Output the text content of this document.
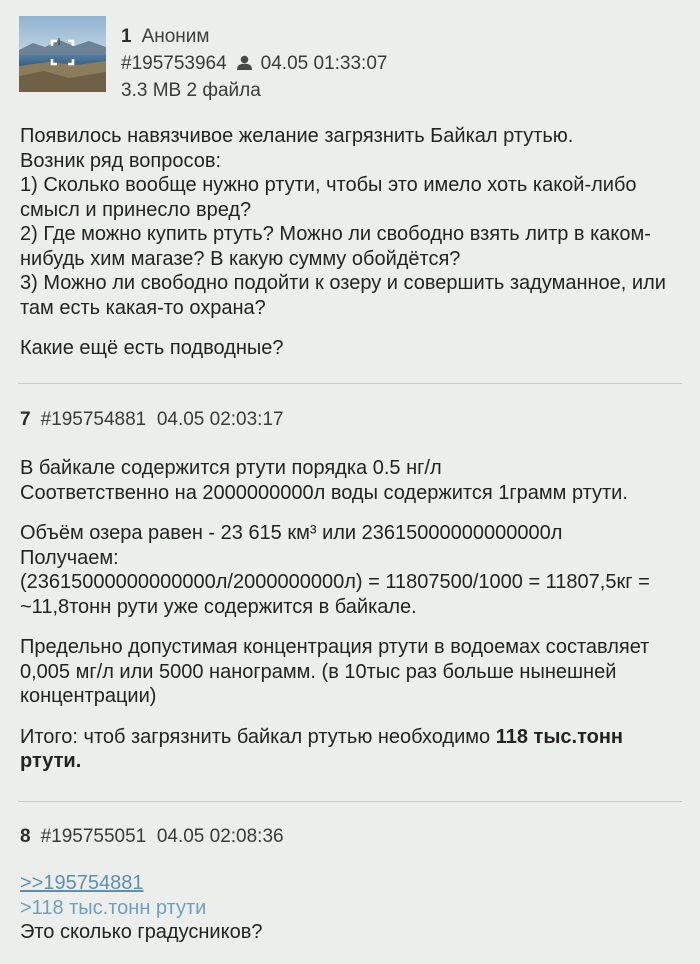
1 Аноним
#195753964 04.05 01:33:07
3.3 MB 2 файла

Появилось навязчивое желание загрязнить Байкал ртутью.
Возник ряд вопросов:
1) Сколько вообще нужно ртути, чтобы это имело хоть какой-либо смысл и принесло вред?
2) Где можно купить ртуть? Можно ли свободно взять литр в каком-нибудь хим магазе? В какую сумму обойдётся?
3) Можно ли свободно подойти к озеру и совершить задуманное, или там есть какая-то охрана?

Какие ещё есть подводные?

7 #195754881 04.05 02:03:17

В байкале содержится ртути порядка 0.5 нг/л
Соответственно на 2000000000л воды содержится 1грамм ртути.

Объём озера равен - 23 615 км³ или 23615000000000000л
Получаем:
(23615000000000000л/2000000000л) = 11807500/1000 = 11807,5кг = ~11,8тонн рути уже содержится в байкале.

Предельно допустимая концентрация ртути в водоемах составляет 0,005 мг/л или 5000 нанограмм. (в 10тыс раз больше нынешней концентрации)

Итого: чтоб загрязнить байкал ртутью необходимо 118 тыс.тонн ртути.

8 #195755051 04.05 02:08:36
>>195754881
>118 тыс.тонн ртути
Это сколько градусников?
